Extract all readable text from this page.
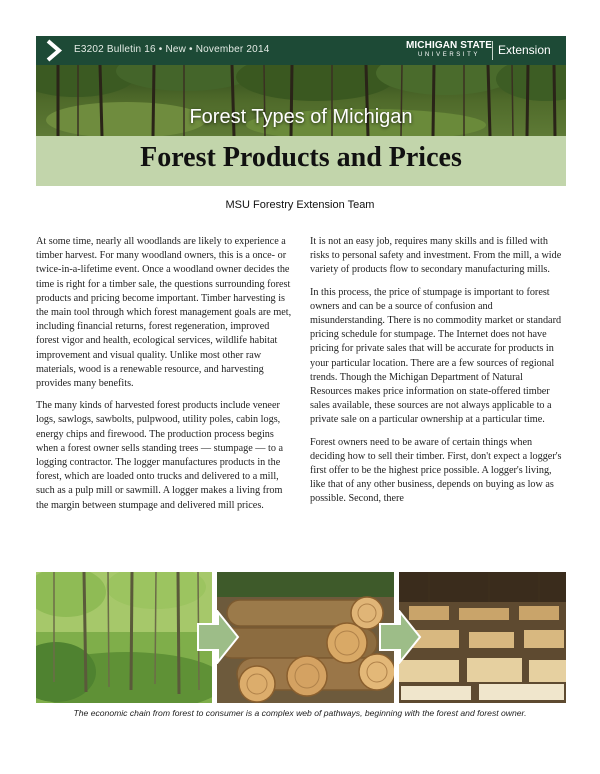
E3202 Bulletin 16 • New • November 2014	MICHIGAN STATE
UNIVERSITY	Extension
Forest Types of Michigan
Forest Products and Prices
MSU Forestry Extension Team

At some time, nearly all woodlands are likely to experience a timber harvest. For many woodland owners, this is a once- or twice-in-a-lifetime event. Once a woodland owner decides the time is right for a timber sale, the questions surrounding forest products and pricing become important. Timber harvesting is the main tool through which forest management goals are met, including financial returns, forest regeneration, improved forest vigor and health, ecological services, wildlife habitat improvement and visual quality. Unlike most other raw materials, wood is a renewable resource, and harvesting provides many benefits.

The many kinds of harvested forest products include veneer logs, sawlogs, sawbolts, pulpwood, utility poles, cabin logs, energy chips and firewood. The production process begins when a forest owner sells standing trees — stumpage — to a logging contractor. The logger manufactures products in the forest, which are loaded onto trucks and delivered to a mill, such as a pulp mill or sawmill. A logger makes a living from the margin between stumpage and delivered mill prices.

It is not an easy job, requires many skills and is filled with risks to personal safety and investment. From the mill, a wide variety of products flow to secondary manufacturing mills.

In this process, the price of stumpage is important to forest owners and can be a source of confusion and misunderstanding. There is no commodity market or standard pricing schedule for stumpage. The Internet does not have pricing for private sales that will be accurate for products in your particular location. There are a few sources of regional trends. Though the Michigan Department of Natural Resources makes price information on state-offered timber sales available, these sources are not always applicable to a private sale on a particular ownership at a particular time.

Forest owners need to be aware of certain things when deciding how to sell their timber. First, don't expect a logger's first offer to be the highest price possible. A logger's living, like that of any other business, depends on buying as low as possible. Second, there

The economic chain from forest to consumer is a complex web of pathways, beginning with the forest and forest owner.
